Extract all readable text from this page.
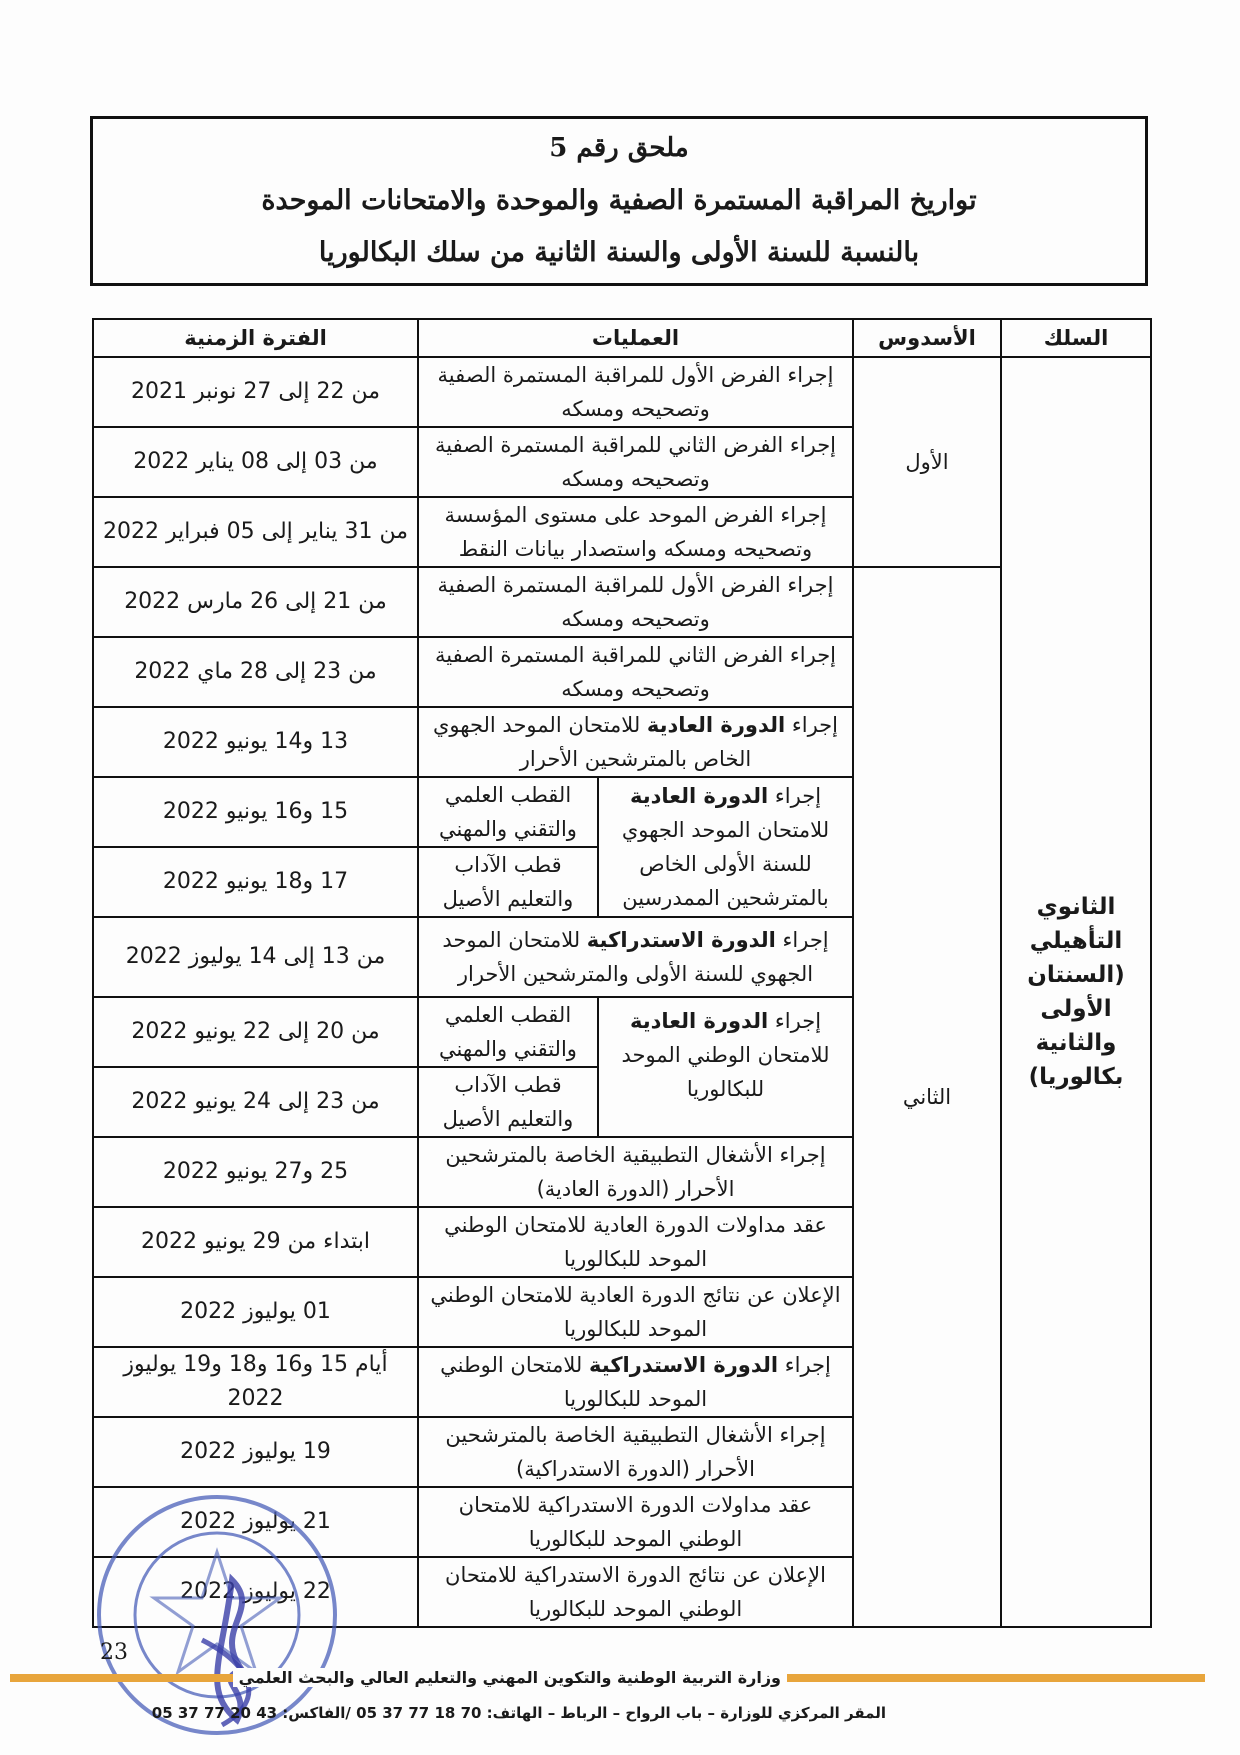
ملحق رقم 5
تواريخ المراقبة المستمرة الصفية والموحدة والامتحانات الموحدة
بالنسبة للسنة الأولى والسنة الثانية من سلك البكالوريا
السلك	الأسدوس	العمليات		الفترة الزمنية
الثانوي التأهيلي (السنتان الأولى والثانية بكالوريا)	الأول	إجراء الفرض الأول للمراقبة المستمرة الصفية وتصحيحه ومسكه		من 22 إلى 27 نونبر 2021
		إجراء الفرض الثاني للمراقبة المستمرة الصفية وتصحيحه ومسكه		من 03 إلى 08 يناير 2022
		إجراء الفرض الموحد على مستوى المؤسسة وتصحيحه ومسكه واستصدار بيانات النقط		من 31 يناير إلى 05 فبراير 2022
	الثاني	إجراء الفرض الأول للمراقبة المستمرة الصفية وتصحيحه ومسكه		من 21 إلى 26 مارس 2022
		إجراء الفرض الثاني للمراقبة المستمرة الصفية وتصحيحه ومسكه		من 23 إلى 28 ماي 2022
		إجراء الدورة العادية للامتحان الموحد الجهوي الخاص بالمترشحين الأحرار		13 و14 يونيو 2022
		إجراء الدورة العادية للامتحان الموحد الجهوي للسنة الأولى الخاص بالمترشحين الممدرسين	القطب العلمي والتقني والمهني	15 و16 يونيو 2022
			قطب الآداب والتعليم الأصيل	17 و18 يونيو 2022
		إجراء الدورة الاستدراكية للامتحان الموحد الجهوي للسنة الأولى والمترشحين الأحرار		من 13 إلى 14 يوليوز 2022
		إجراء الدورة العادية للامتحان الوطني الموحد للبكالوريا	القطب العلمي والتقني والمهني	من 20 إلى 22 يونيو 2022
			قطب الآداب والتعليم الأصيل	من 23 إلى 24 يونيو 2022
		إجراء الأشغال التطبيقية الخاصة بالمترشحين الأحرار (الدورة العادية)		25 و27 يونيو 2022
		عقد مداولات الدورة العادية للامتحان الوطني الموحد للبكالوريا		ابتداء من 29 يونيو 2022
		الإعلان عن نتائج الدورة العادية للامتحان الوطني الموحد للبكالوريا		01 يوليوز 2022
		إجراء الدورة الاستدراكية للامتحان الوطني الموحد للبكالوريا		أيام 15 و16 و18 و19 يوليوز 2022
		إجراء الأشغال التطبيقية الخاصة بالمترشحين الأحرار (الدورة الاستدراكية)		19 يوليوز 2022
		عقد مداولات الدورة الاستدراكية للامتحان الوطني الموحد للبكالوريا		21 يوليوز 2022
		الإعلان عن نتائج الدورة الاستدراكية للامتحان الوطني الموحد للبكالوريا		22 يوليوز 2022
23
وزارة التربية الوطنية والتكوين المهني والتعليم العالي والبحث العلمي
المقر المركزي للوزارة – باب الرواح – الرباط – الهاتف: 70 18 77 37 05 /الفاكس: 43 20 77 37 05
